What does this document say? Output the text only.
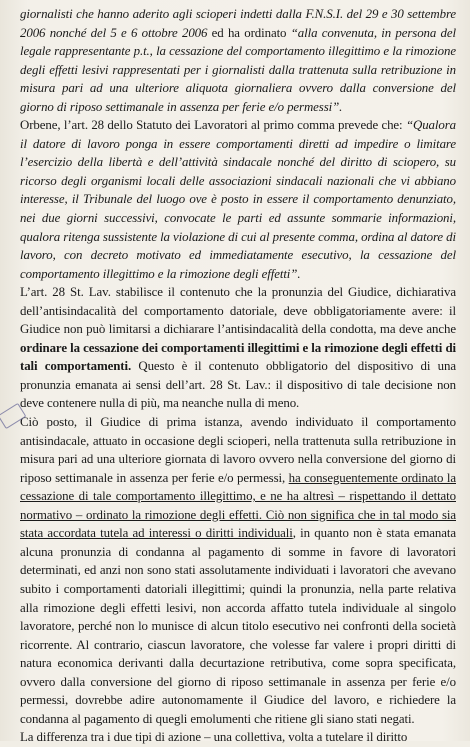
giornalisti che hanno aderito agli scioperi indetti dalla F.N.S.I. del 29 e 30 settembre 2006 nonché del 5 e 6 ottobre 2006 ed ha ordinato “alla convenuta, in persona del legale rappresentante p.t., la cessazione del comportamento illegittimo e la rimozione degli effetti lesivi rappresentati per i giornalisti dalla trattenuta sulla retribuzione in misura pari ad una ulteriore aliquota giornaliera ovvero dalla conversione del giorno di riposo settimanale in assenza per ferie e/o permessi”.

Orbene, l’art. 28 dello Statuto dei Lavoratori al primo comma prevede che: “Qualora il datore di lavoro ponga in essere comportamenti diretti ad impedire o limitare l’esercizio della libertà e dell’attività sindacale nonché del diritto di sciopero, su ricorso degli organismi locali delle associazioni sindacali nazionali che vi abbiano interesse, il Tribunale del luogo ove è posto in essere il comportamento denunziato, nei due giorni successivi, convocate le parti ed assunte sommarie informazioni, qualora ritenga sussistente la violazione di cui al presente comma, ordina al datore di lavoro, con decreto motivato ed immediatamente esecutivo, la cessazione del comportamento illegittimo e la rimozione degli effetti”.

L’art. 28 St. Lav. stabilisce il contenuto che la pronunzia del Giudice, dichiarativa dell’antisindacalità del comportamento datoriale, deve obbligatoriamente avere: il Giudice non può limitarsi a dichiarare l’antisindacalità della condotta, ma deve anche ordinare la cessazione dei comportamenti illegittimi e la rimozione degli effetti di tali comportamenti. Questo è il contenuto obbligatorio del dispositivo di una pronunzia emanata ai sensi dell’art. 28 St. Lav.: il dispositivo di tale decisione non deve contenere nulla di più, ma neanche nulla di meno.

Ciò posto, il Giudice di prima istanza, avendo individuato il comportamento antisindacale, attuato in occasione degli scioperi, nella trattenuta sulla retribuzione in misura pari ad una ulteriore giornata di lavoro ovvero nella conversione del giorno di riposo settimanale in assenza per ferie e/o permessi, ha conseguentemente ordinato la cessazione di tale comportamento illegittimo, e ne ha altresì – rispettando il dettato normativo – ordinato la rimozione degli effetti. Ciò non significa che in tal modo sia stata accordata tutela ad interessi o diritti individuali, in quanto non è stata emanata alcuna pronunzia di condanna al pagamento di somme in favore di lavoratori determinati, ed anzi non sono stati assolutamente individuati i lavoratori che avevano subito i comportamenti datoriali illegittimi; quindi la pronunzia, nella parte relativa alla rimozione degli effetti lesivi, non accorda affatto tutela individuale al singolo lavoratore, perché non lo munisce di alcun titolo esecutivo nei confronti della società ricorrente. Al contrario, ciascun lavoratore, che volesse far valere i propri diritti di natura economica derivanti dalla decurtazione retributiva, come sopra specificata, ovvero dalla conversione del giorno di riposo settimanale in assenza per ferie e/o permessi, dovrebbe adire autonomamente il Giudice del lavoro, e richiedere la condanna al pagamento di quegli emolumenti che ritiene gli siano stati negati.

La differenza tra i due tipi di azione – una collettiva, volta a tutelare il diritto
